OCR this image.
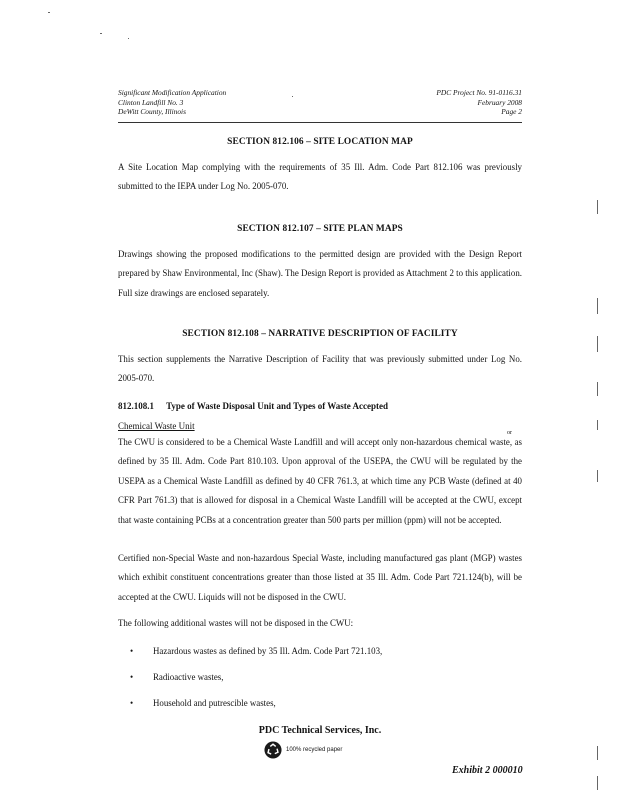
Significant Modification Application
Clinton Landfill No. 3
DeWitt County, Illinois
PDC Project No. 91-0116.31
February 2008
Page 2
SECTION 812.106 – SITE LOCATION MAP
A Site Location Map complying with the requirements of 35 Ill. Adm. Code Part 812.106 was previously submitted to the IEPA under Log No. 2005-070.
SECTION 812.107 – SITE PLAN MAPS
Drawings showing the proposed modifications to the permitted design are provided with the Design Report prepared by Shaw Environmental, Inc (Shaw). The Design Report is provided as Attachment 2 to this application. Full size drawings are enclosed separately.
SECTION 812.108 – NARRATIVE DESCRIPTION OF FACILITY
This section supplements the Narrative Description of Facility that was previously submitted under Log No. 2005-070.
812.108.1 Type of Waste Disposal Unit and Types of Waste Accepted
Chemical Waste Unit
or
The CWU is considered to be a Chemical Waste Landfill and will accept only non-hazardous chemical waste, as defined by 35 Ill. Adm. Code Part 810.103. Upon approval of the USEPA, the CWU will be regulated by the USEPA as a Chemical Waste Landfill as defined by 40 CFR 761.3, at which time any PCB Waste (defined at 40 CFR Part 761.3) that is allowed for disposal in a Chemical Waste Landfill will be accepted at the CWU, except that waste containing PCBs at a concentration greater than 500 parts per million (ppm) will not be accepted.
Certified non-Special Waste and non-hazardous Special Waste, including manufactured gas plant (MGP) wastes which exhibit constituent concentrations greater than those listed at 35 Ill. Adm. Code Part 721.124(b), will be accepted at the CWU. Liquids will not be disposed in the CWU.
The following additional wastes will not be disposed in the CWU:
• Hazardous wastes as defined by 35 Ill. Adm. Code Part 721.103,
• Radioactive wastes,
• Household and putrescible wastes,
PDC Technical Services, Inc.
100% recycled paper
Exhibit 2 000010
